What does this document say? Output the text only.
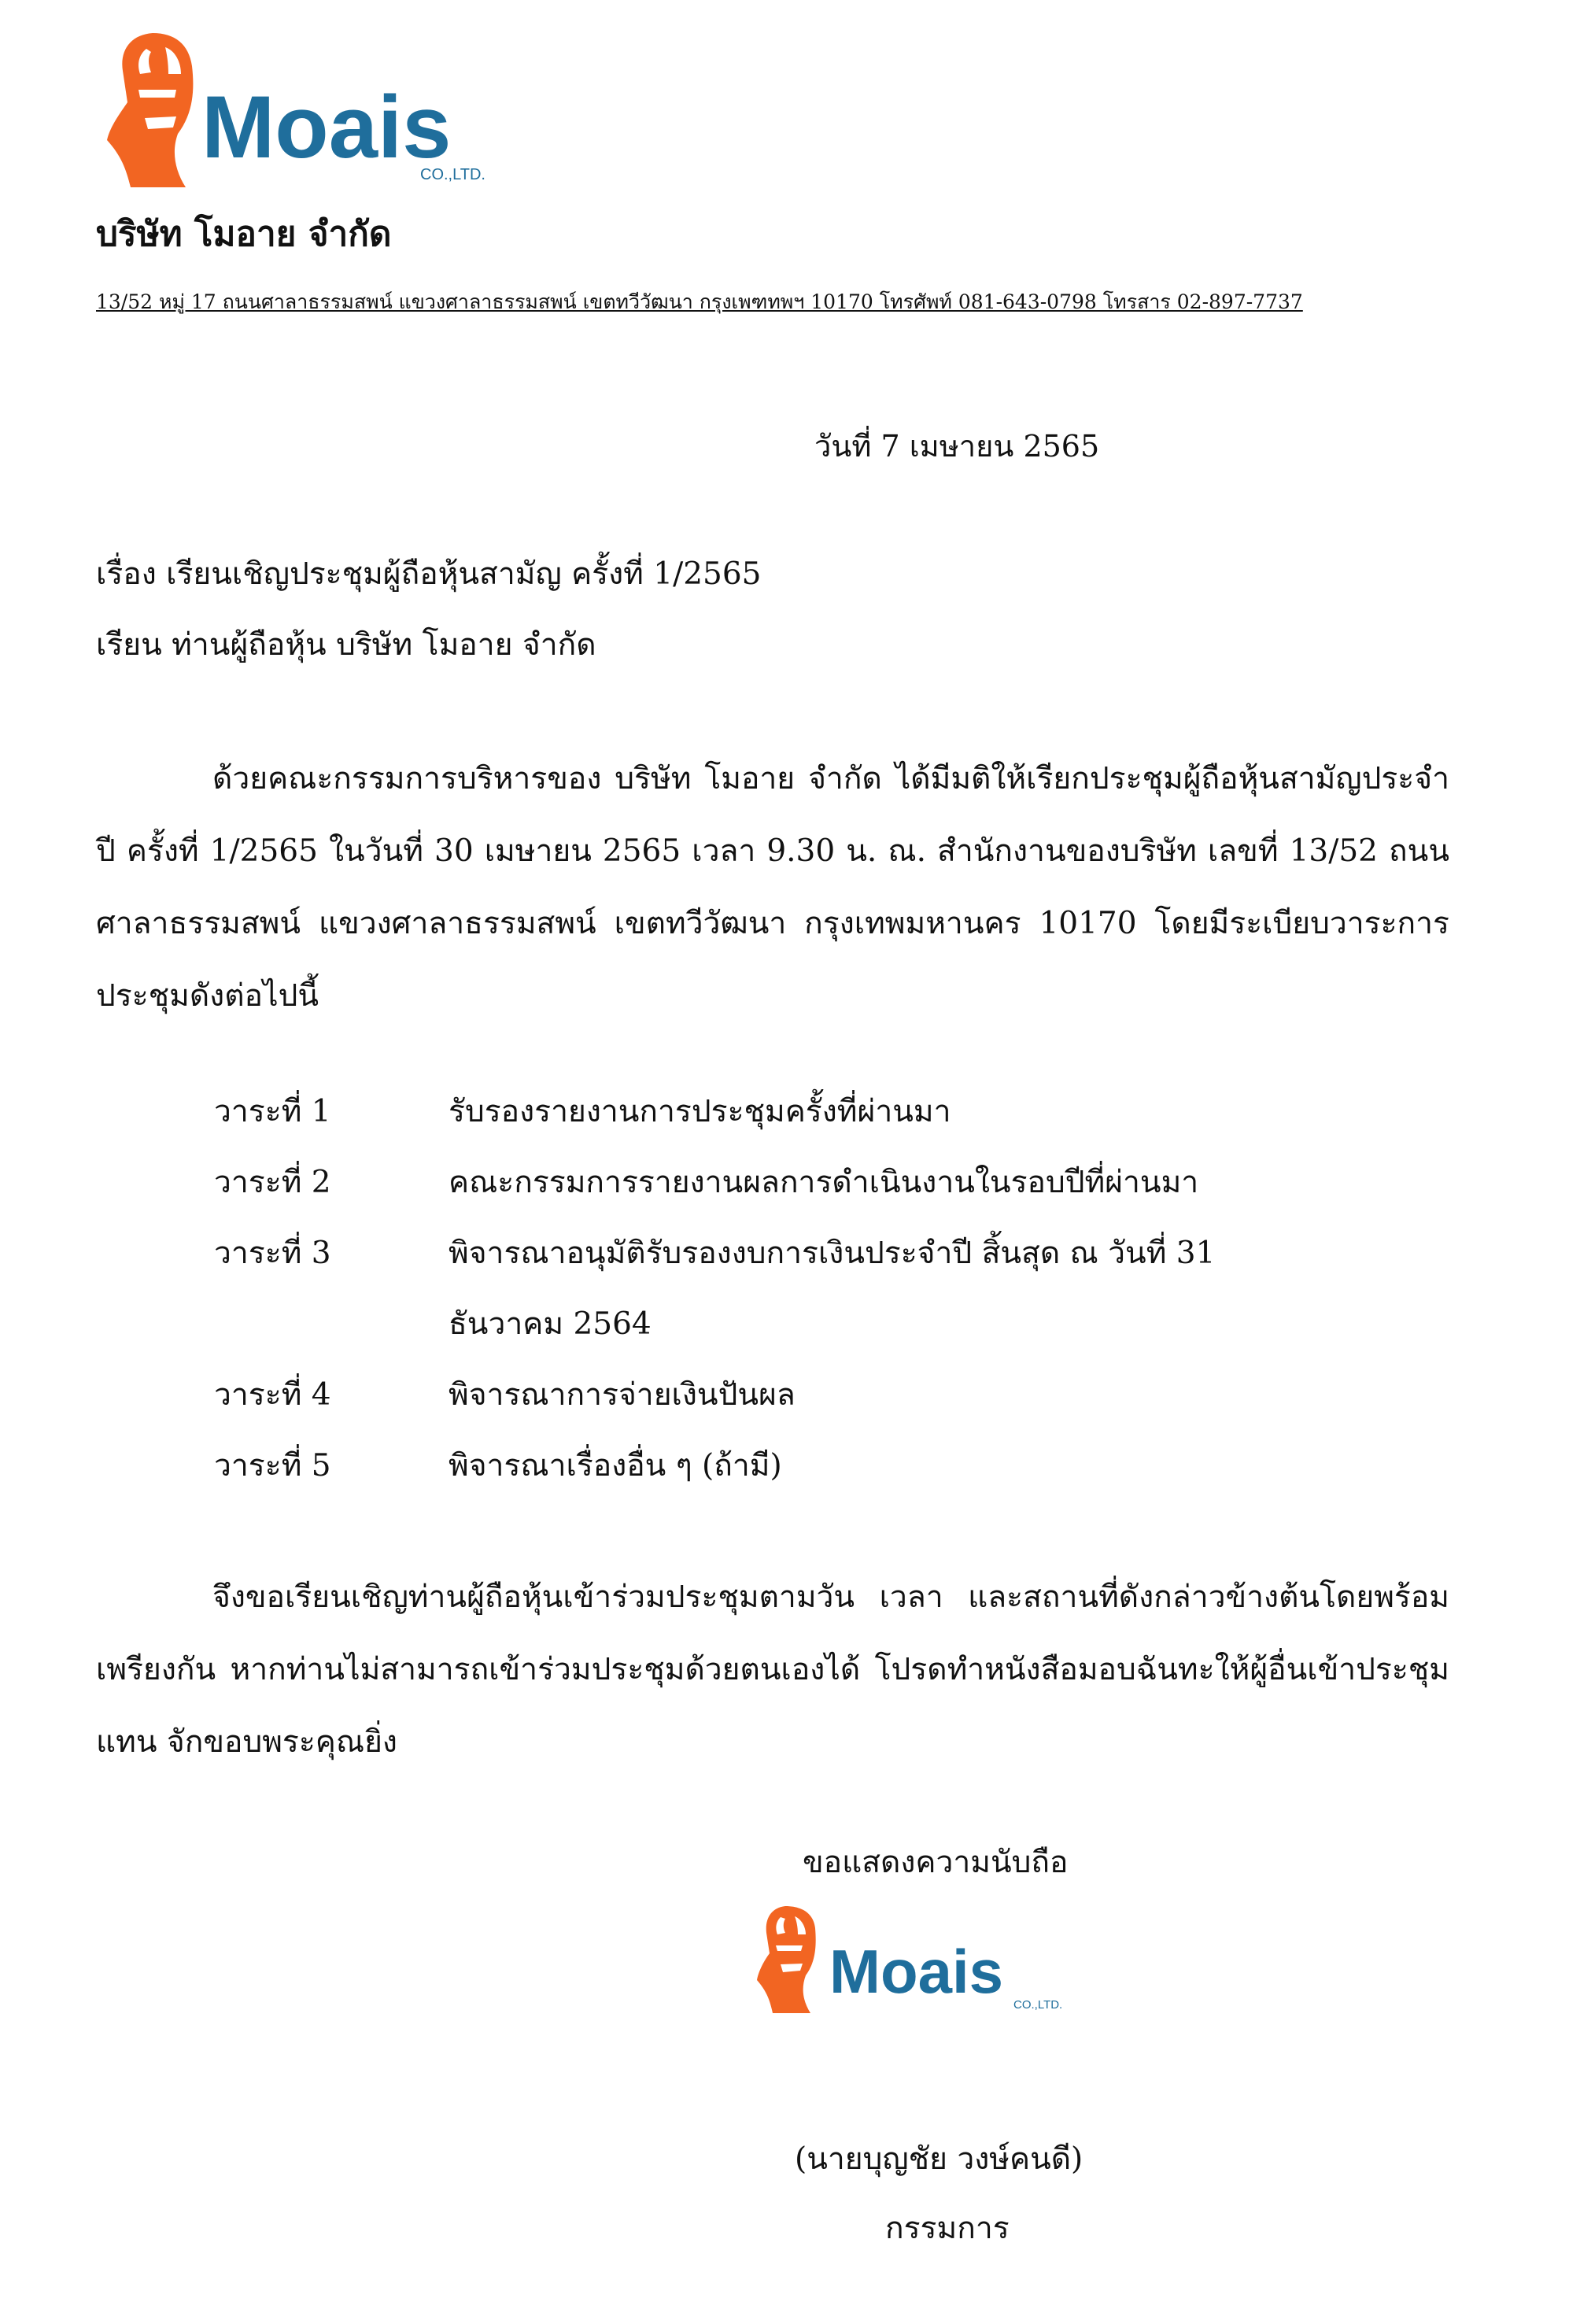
Moais
CO.,LTD.
บริษัท โมอาย จำกัด
13/52 หมู่ 17 ถนนศาลาธรรมสพน์ แขวงศาลาธรรมสพน์ เขตทวีวัฒนา กรุงเพฑทพฯ 10170 โทรศัพท์ 081-643-0798 โทรสาร 02-897-7737
วันที่ 7 เมษายน 2565
เรื่อง เรียนเชิญประชุมผู้ถือหุ้นสามัญ ครั้งที่ 1/2565
เรียน ท่านผู้ถือหุ้น บริษัท โมอาย จำกัด
ด้วยคณะกรรมการบริหารของ บริษัท โมอาย จำกัด ได้มีมติให้เรียกประชุมผู้ถือหุ้นสามัญประจำปี ครั้งที่ 1/2565 ในวันที่ 30 เมษายน 2565 เวลา 9.30 น. ณ. สำนักงานของบริษัท เลขที่ 13/52 ถนนศาลาธรรมสพน์ แขวงศาลาธรรมสพน์ เขตทวีวัฒนา กรุงเทพมหานคร 10170 โดยมีระเบียบวาระการประชุมดังต่อไปนี้
วาระที่ 1	รับรองรายงานการประชุมครั้งที่ผ่านมา
วาระที่ 2	คณะกรรมการรายงานผลการดำเนินงานในรอบปีที่ผ่านมา
วาระที่ 3	พิจารณาอนุมัติรับรองงบการเงินประจำปี สิ้นสุด ณ วันที่ 31 ธันวาคม 2564
วาระที่ 4	พิจารณาการจ่ายเงินปันผล
วาระที่ 5	พิจารณาเรื่องอื่น ๆ (ถ้ามี)
จึงขอเรียนเชิญท่านผู้ถือหุ้นเข้าร่วมประชุมตามวัน เวลา และสถานที่ดังกล่าวข้างต้นโดยพร้อมเพรียงกัน หากท่านไม่สามารถเข้าร่วมประชุมด้วยตนเองได้ โปรดทำหนังสือมอบฉันทะให้ผู้อื่นเข้าประชุมแทน จักขอบพระคุณยิ่ง
ขอแสดงความนับถือ
Moais CO.,LTD.
(นายบุญชัย วงษ์คนดี)
กรรมการ
